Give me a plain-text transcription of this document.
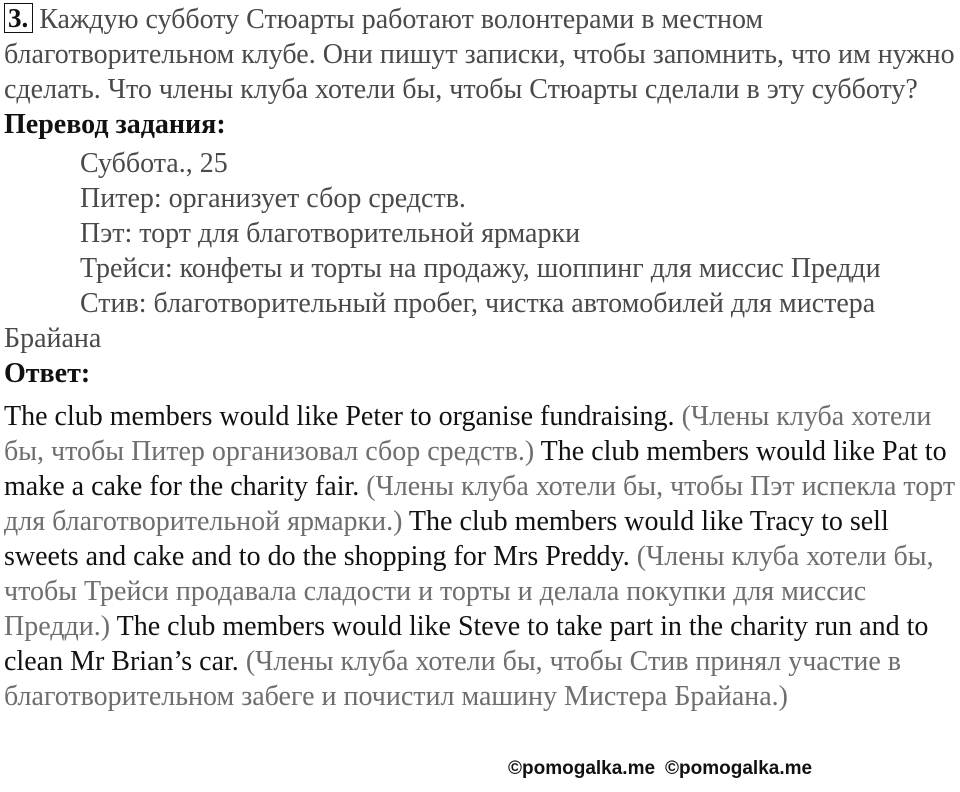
3. Каждую субботу Стюарты работают волонтерами в местном благотворительном клубе. Они пишут записки, чтобы запомнить, что им нужно сделать. Что члены клуба хотели бы, чтобы Стюарты сделали в эту субботу?

Перевод задания:

Суббота., 25
Питер: организует сбор средств.
Пэт: торт для благотворительной ярмарки
Трейси: конфеты и торты на продажу, шоппинг для миссис Предди
Стив: благотворительный пробег, чистка автомобилей для мистера Брайана

Ответ:

The club members would like Peter to organise fundraising. (Члены клуба хотели бы, чтобы Питер организовал сбор средств.) The club members would like Pat to make a cake for the charity fair. (Члены клуба хотели бы, чтобы Пэт испекла торт для благотворительной ярмарки.) The club members would like Tracy to sell sweets and cake and to do the shopping for Mrs Preddy. (Члены клуба хотели бы, чтобы Трейси продавала сладости и торты и делала покупки для миссис Предди.) The club members would like Steve to take part in the charity run and to clean Mr Brian’s car. (Члены клуба хотели бы, чтобы Стив принял участие в благотворительном забеге и почистил машину Мистера Брайана.)

©pomogalka.me ©pomogalka.me
